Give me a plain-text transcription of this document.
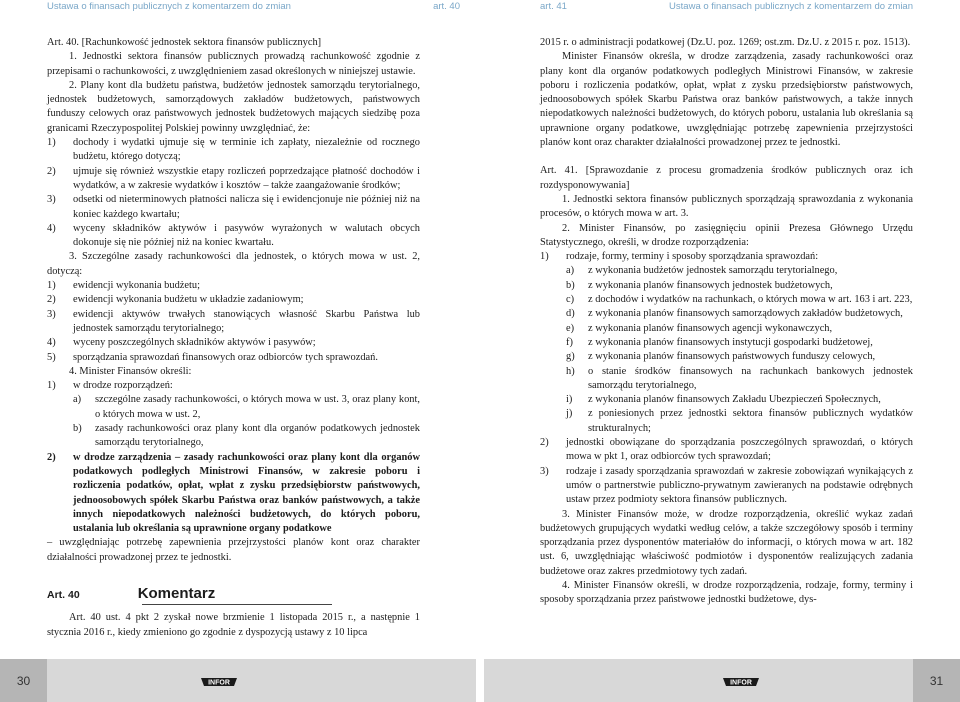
Ustawa o finansach publicznych z komentarzem do zmian	art. 40	art. 41	Ustawa o finansach publicznych z komentarzem do zmian

Art. 40. [Rachunkowość jednostek sektora finansów publicznych]

1. Jednostki sektora finansów publicznych prowadzą rachunkowość zgodnie z przepisami o rachunkowości, z uwzględnieniem zasad określonych w niniejszej ustawie.

2. Plany kont dla budżetu państwa, budżetów jednostek samorządu terytorialnego, jednostek budżetowych, samorządowych zakładów budżetowych, państwowych funduszy celowych oraz państwowych jednostek budżetowych mających siedzibę poza granicami Rzeczypospolitej Polskiej powinny uwzględniać, że:

1)	dochody i wydatki ujmuje się w terminie ich zapłaty, niezależnie od rocznego budżetu, którego dotyczą;
2)	ujmuje się również wszystkie etapy rozliczeń poprzedzające płatność dochodów i wydatków, a w zakresie wydatków i kosztów – także zaangażowanie środków;
3)	odsetki od nieterminowych płatności nalicza się i ewidencjonuje nie później niż na koniec każdego kwartału;
4)	wyceny składników aktywów i pasywów wyrażonych w walutach obcych dokonuje się nie później niż na koniec kwartału.

3. Szczególne zasady rachunkowości dla jednostek, o których mowa w ust. 2, dotyczą:

1)	ewidencji wykonania budżetu;
2)	ewidencji wykonania budżetu w układzie zadaniowym;
3)	ewidencji aktywów trwałych stanowiących własność Skarbu Państwa lub jednostek samorządu terytorialnego;
4)	wyceny poszczególnych składników aktywów i pasywów;
5)	sporządzania sprawozdań finansowych oraz odbiorców tych sprawozdań.

4. Minister Finansów określi:

1)	w drodze rozporządzeń:
a)	szczególne zasady rachunkowości, o których mowa w ust. 3, oraz plany kont, o których mowa w ust. 2,
b)	zasady rachunkowości oraz plany kont dla organów podatkowych jednostek samorządu terytorialnego,
2)	w drodze zarządzenia – zasady rachunkowości oraz plany kont dla organów podatkowych podległych Ministrowi Finansów, w zakresie poboru i rozliczenia podatków, opłat, wpłat z zysku przedsiębiorstw państwowych, jednoosobowych spółek Skarbu Państwa oraz banków państwowych, a także innych niepodatkowych należności budżetowych, do których poboru, ustalania lub określania są uprawnione organy podatkowe

– uwzględniając potrzebę zapewnienia przejrzystości planów kont oraz charakter działalności prowadzonej przez te jednostki.

Art. 40	Komentarz

Art. 40 ust. 4 pkt 2 zyskał nowe brzmienie 1 listopada 2015 r., a następnie 1 stycznia 2016 r., kiedy zmieniono go zgodnie z dyspozycją ustawy z 10 lipca

2015 r. o administracji podatkowej (Dz.U. poz. 1269; ost.zm. Dz.U. z 2015 r. poz. 1513).

Minister Finansów określa, w drodze zarządzenia, zasady rachunkowości oraz plany kont dla organów podatkowych podległych Ministrowi Finansów, w zakresie poboru i rozliczenia podatków, opłat, wpłat z zysku przedsiębiorstw państwowych, jednoosobowych spółek Skarbu Państwa oraz banków państwowych, a także innych niepodatkowych należności budżetowych, do których poboru, ustalania lub określania są uprawnione organy podatkowe, uwzględniając potrzebę zapewnienia przejrzystości planów kont oraz charakter działalności prowadzonej przez te jednostki.

Art. 41. [Sprawozdanie z procesu gromadzenia środków publicznych oraz ich rozdysponowywania]

1. Jednostki sektora finansów publicznych sporządzają sprawozdania z wykonania procesów, o których mowa w art. 3.

2. Minister Finansów, po zasięgnięciu opinii Prezesa Głównego Urzędu Statystycznego, określi, w drodze rozporządzenia:

1)	rodzaje, formy, terminy i sposoby sporządzania sprawozdań:
a)	z wykonania budżetów jednostek samorządu terytorialnego,
b)	z wykonania planów finansowych jednostek budżetowych,
c)	z dochodów i wydatków na rachunkach, o których mowa w art. 163 i art. 223,
d)	z wykonania planów finansowych samorządowych zakładów budżetowych,
e)	z wykonania planów finansowych agencji wykonawczych,
f)	z wykonania planów finansowych instytucji gospodarki budżetowej,
g)	z wykonania planów finansowych państwowych funduszy celowych,
h)	o stanie środków finansowych na rachunkach bankowych jednostek samorządu terytorialnego,
i)	z wykonania planów finansowych Zakładu Ubezpieczeń Społecznych,
j)	z poniesionych przez jednostki sektora finansów publicznych wydatków strukturalnych;
2)	jednostki obowiązane do sporządzania poszczególnych sprawozdań, o których mowa w pkt 1, oraz odbiorców tych sprawozdań;
3)	rodzaje i zasady sporządzania sprawozdań w zakresie zobowiązań wynikających z umów o partnerstwie publiczno-prywatnym zawieranych na podstawie odrębnych ustaw przez podmioty sektora finansów publicznych.

3. Minister Finansów może, w drodze rozporządzenia, określić wykaz zadań budżetowych grupujących wydatki według celów, a także szczegółowy sposób i terminy sporządzania przez dysponentów materiałów do informacji, o których mowa w art. 182 ust. 6, uwzględniając właściwość podmiotów i dysponentów realizujących zadania budżetowe oraz zakres przedmiotowy tych zadań.

4. Minister Finansów określi, w drodze rozporządzenia, rodzaje, formy, terminy i sposoby sporządzania przez państwowe jednostki budżetowe, dys-

30	31
INFOR	INFOR
